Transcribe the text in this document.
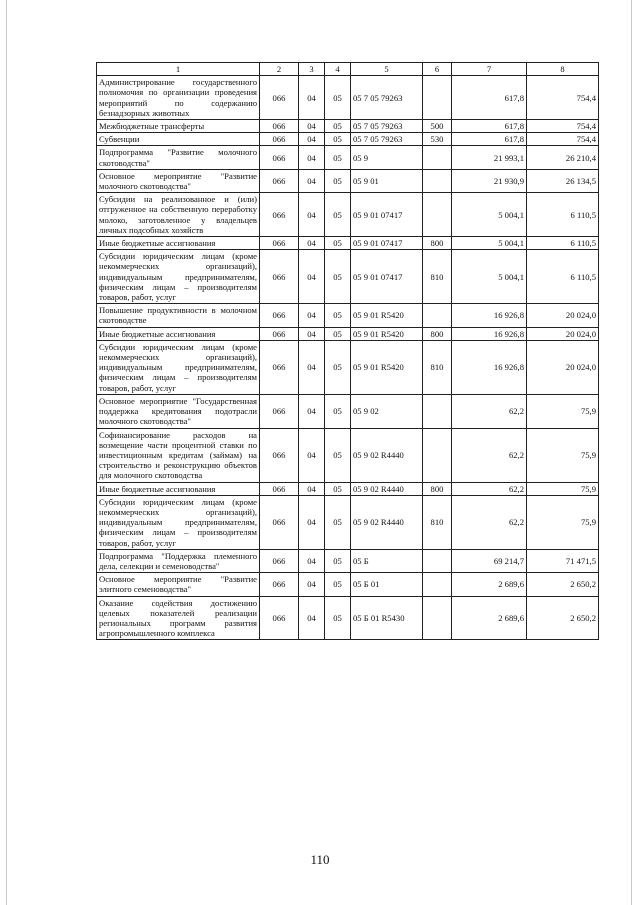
1	2	3	4	5	6	7	8
Администрирование государственного полномочия по организации проведения мероприятий по содержанию безнадзорных животных	066	04	05	05 7 05 79263		617,8	754,4
Межбюджетные трансферты	066	04	05	05 7 05 79263	500	617,8	754,4
Субвенции	066	04	05	05 7 05 79263	530	617,8	754,4
Подпрограмма "Развитие молочного скотоводства"	066	04	05	05 9		21 993,1	26 210,4
Основное мероприятие "Развитие молочного скотоводства"	066	04	05	05 9 01		21 930,9	26 134,5
Субсидии на реализованное и (или) отгруженное на собственную переработку молоко, заготовленное у владельцев личных подсобных хозяйств	066	04	05	05 9 01 07417		5 004,1	6 110,5
Иные бюджетные ассигнования	066	04	05	05 9 01 07417	800	5 004,1	6 110,5
Субсидии юридическим лицам (кроме некоммерческих организаций), индивидуальным предпринимателям, физическим лицам – производителям товаров, работ, услуг	066	04	05	05 9 01 07417	810	5 004,1	6 110,5
Повышение продуктивности в молочном скотоводстве	066	04	05	05 9 01 R5420		16 926,8	20 024,0
Иные бюджетные ассигнования	066	04	05	05 9 01 R5420	800	16 926,8	20 024,0
Субсидии юридическим лицам (кроме некоммерческих организаций), индивидуальным предпринимателям, физическим лицам – производителям товаров, работ, услуг	066	04	05	05 9 01 R5420	810	16 926,8	20 024,0
Основное мероприятие "Государственная поддержка кредитования подотрасли молочного скотоводства"	066	04	05	05 9 02		62,2	75,9
Софинансирование расходов на возмещение части процентной ставки по инвестиционным кредитам (займам) на строительство и реконструкцию объектов для молочного скотоводства	066	04	05	05 9 02 R4440		62,2	75,9
Иные бюджетные ассигнования	066	04	05	05 9 02 R4440	800	62,2	75,9
Субсидии юридическим лицам (кроме некоммерческих организаций), индивидуальным предпринимателям, физическим лицам – производителям товаров, работ, услуг	066	04	05	05 9 02 R4440	810	62,2	75,9
Подпрограмма "Поддержка племенного дела, селекции и семеноводства"	066	04	05	05 Б		69 214,7	71 471,5
Основное мероприятие "Развитие элитного семеноводства"	066	04	05	05 Б 01		2 689,6	2 650,2
Оказание содействия достижению целевых показателей реализации региональных программ развития агропромышленного комплекса	066	04	05	05 Б 01 R5430		2 689,6	2 650,2
110
